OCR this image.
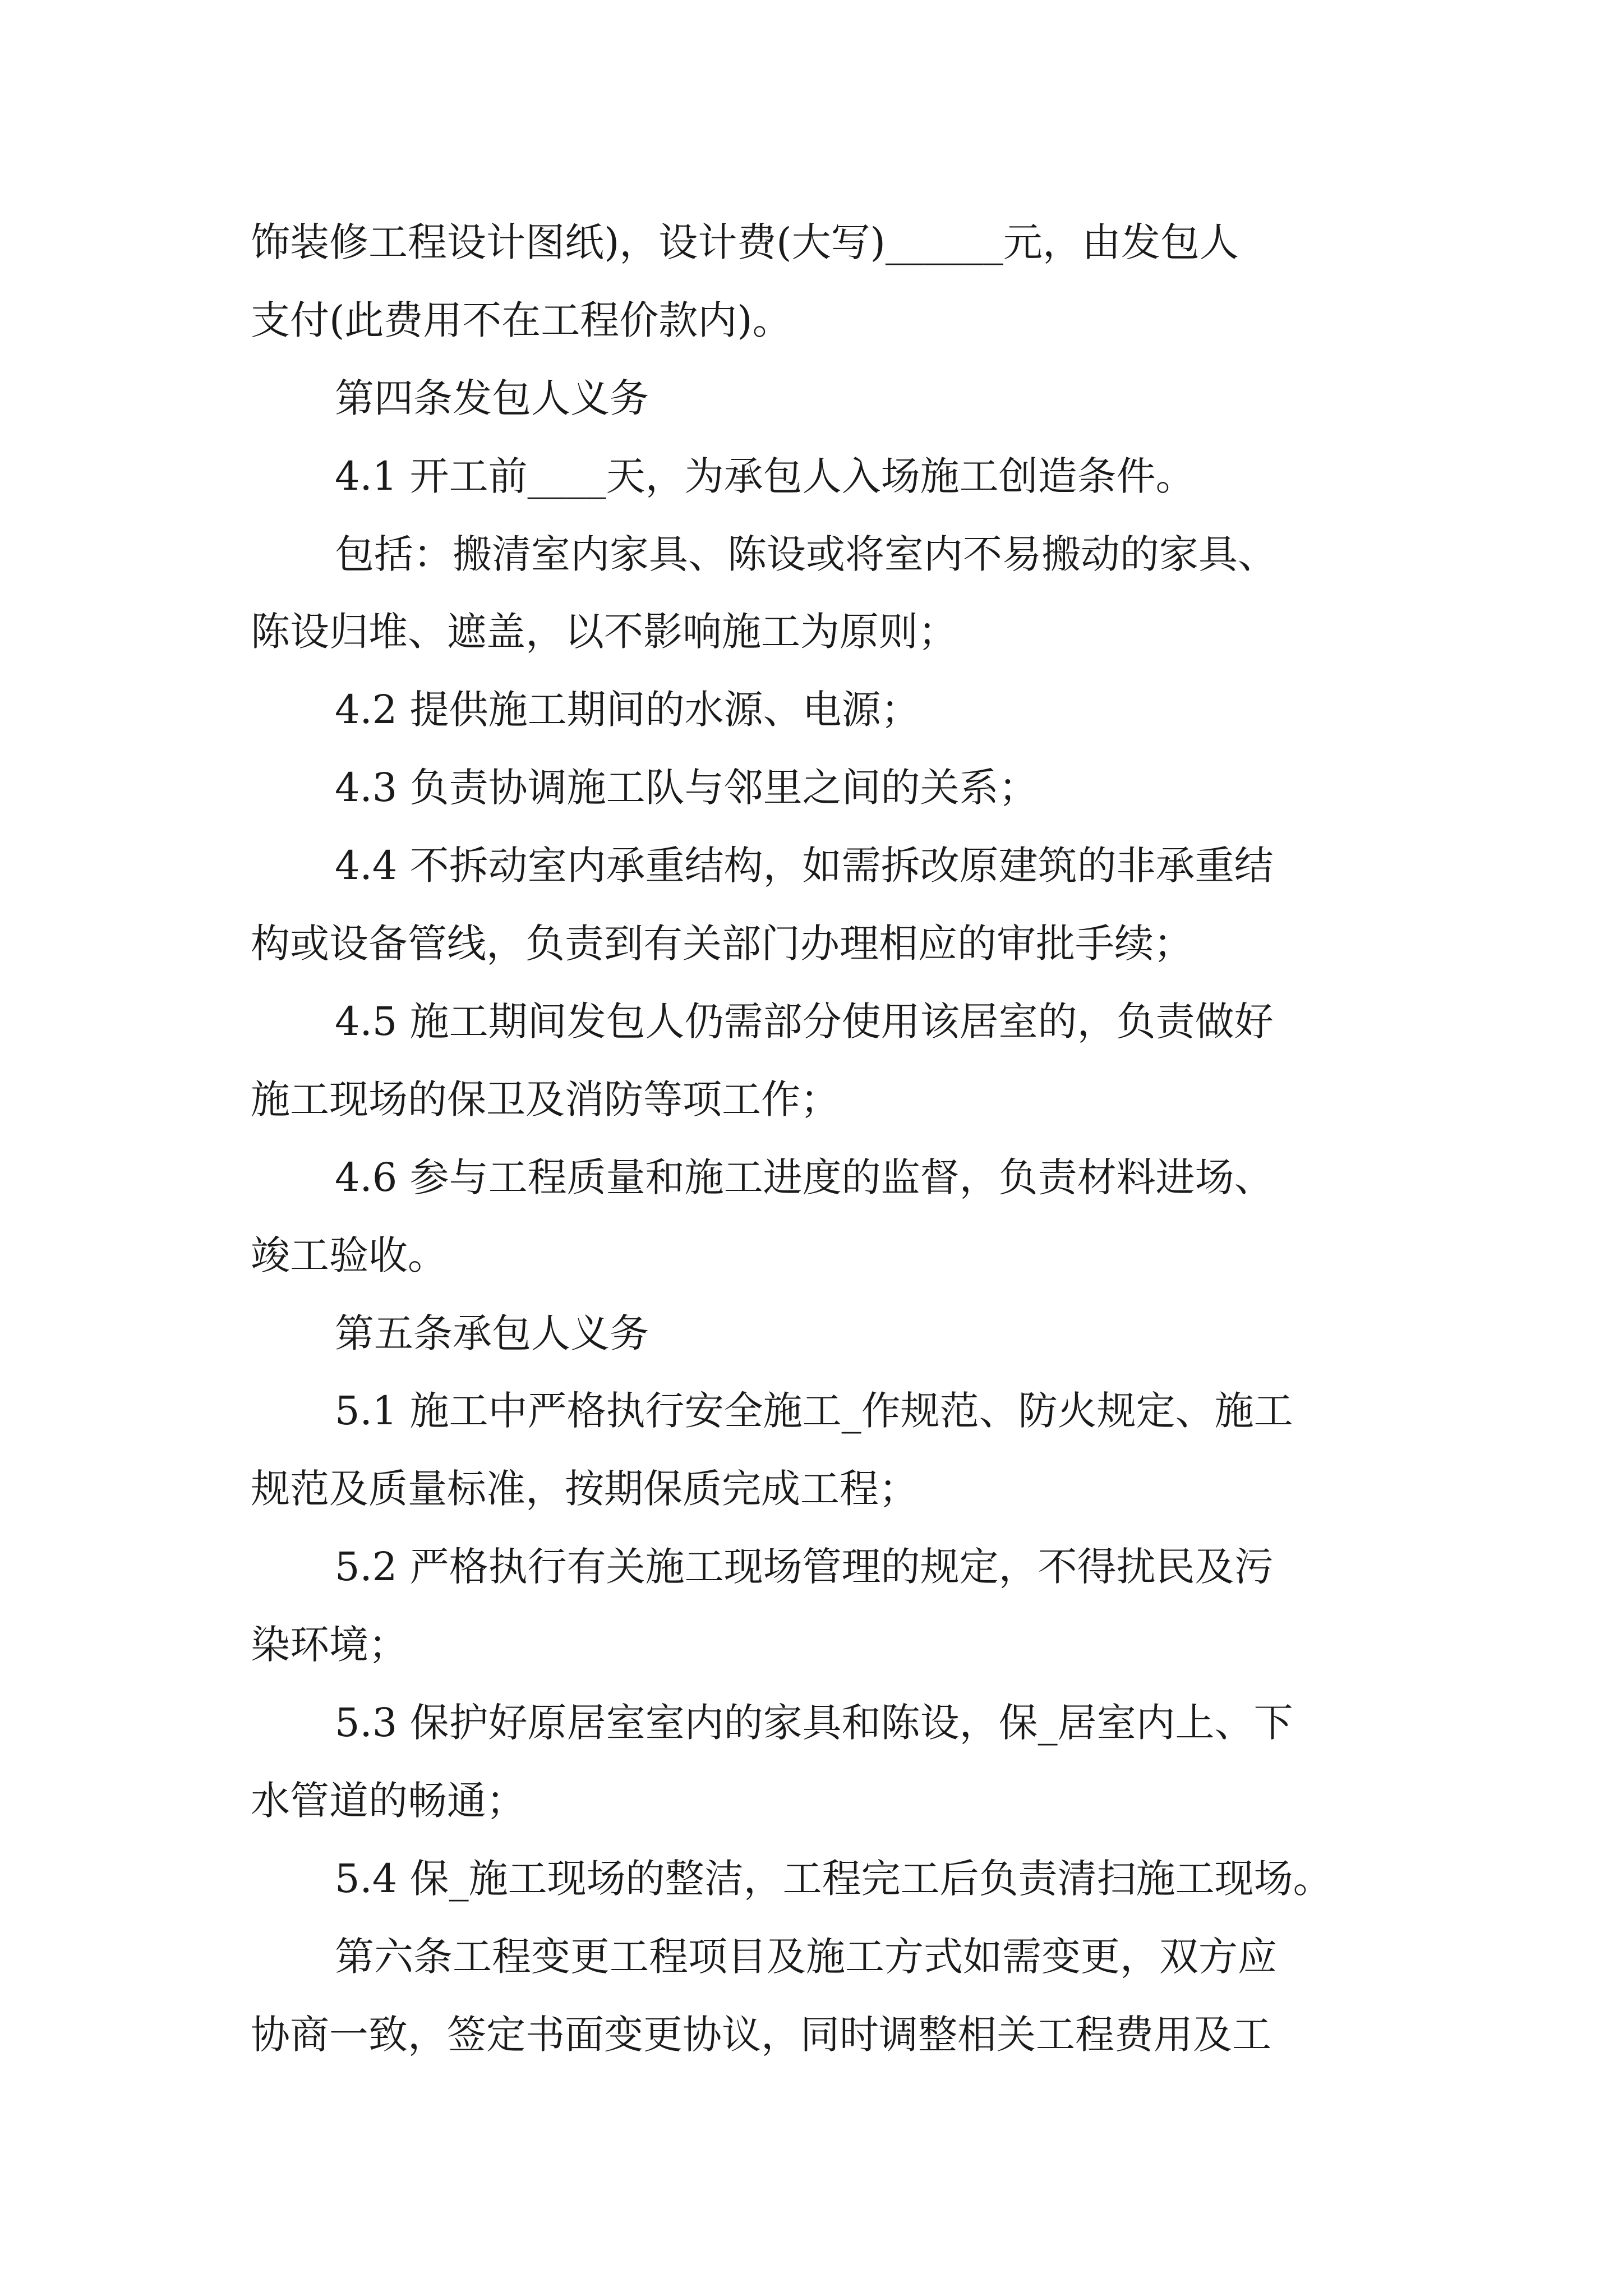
饰装修工程设计图纸)，设计费(大写)______元，由发包人
支付(此费用不在工程价款内)。
第四条发包人义务
4.1 开工前____天，为承包人入场施工创造条件。
包括：搬清室内家具、陈设或将室内不易搬动的家具、
陈设归堆、遮盖，以不影响施工为原则；
4.2 提供施工期间的水源、电源；
4.3 负责协调施工队与邻里之间的关系；
4.4 不拆动室内承重结构，如需拆改原建筑的非承重结
构或设备管线，负责到有关部门办理相应的审批手续；
4.5 施工期间发包人仍需部分使用该居室的，负责做好
施工现场的保卫及消防等项工作；
4.6 参与工程质量和施工进度的监督，负责材料进场、
竣工验收。
第五条承包人义务
5.1 施工中严格执行安全施工_作规范、防火规定、施工
规范及质量标准，按期保质完成工程；
5.2 严格执行有关施工现场管理的规定，不得扰民及污
染环境；
5.3 保护好原居室室内的家具和陈设，保_居室内上、下
水管道的畅通；
5.4 保_施工现场的整洁，工程完工后负责清扫施工现场。
第六条工程变更工程项目及施工方式如需变更，双方应
协商一致，签定书面变更协议，同时调整相关工程费用及工
